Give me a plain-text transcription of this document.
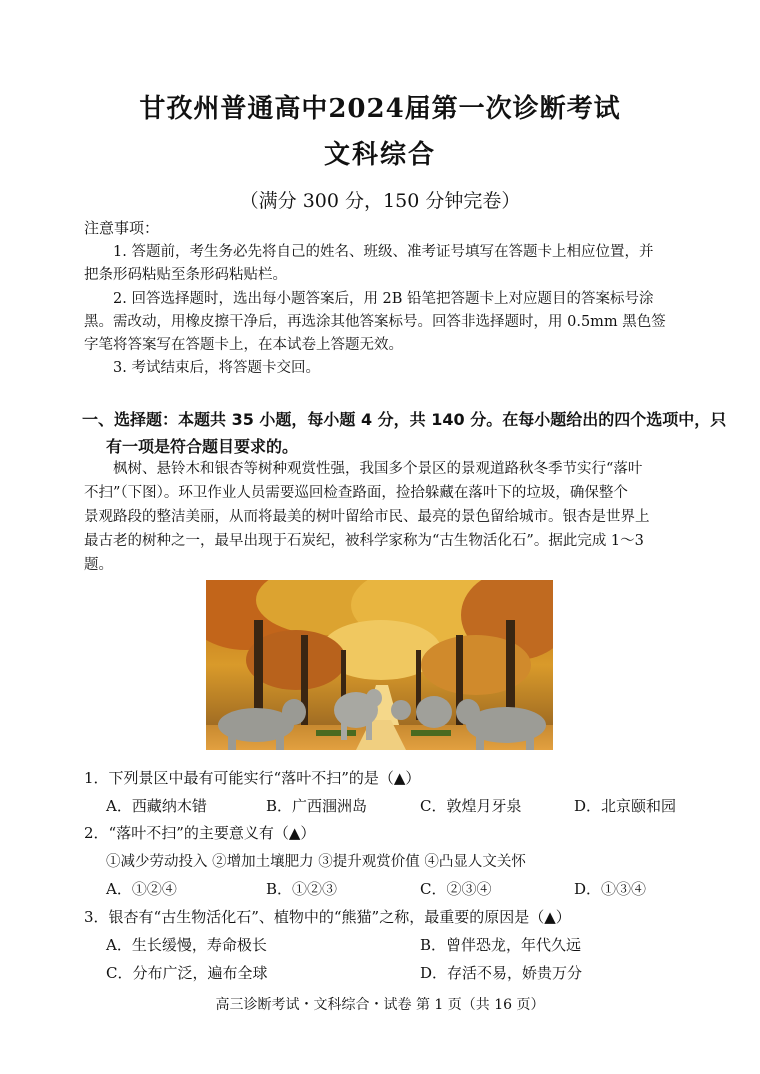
甘孜州普通高中2024届第一次诊断考试
文科综合
（满分 300 分，150 分钟完卷）
注意事项：
1. 答题前，考生务必先将自己的姓名、班级、准考证号填写在答题卡上相应位置，并
把条形码粘贴至条形码粘贴栏。
2. 回答选择题时，选出每小题答案后，用 2B 铅笔把答题卡上对应题目的答案标号涂
黑。需改动，用橡皮擦干净后，再选涂其他答案标号。回答非选择题时，用 0.5mm 黑色签
字笔将答案写在答题卡上，在本试卷上答题无效。
3. 考试结束后，将答题卡交回。
一、选择题：本题共 35 小题，每小题 4 分，共 140 分。在每小题给出的四个选项中，只
有一项是符合题目要求的。
枫树、悬铃木和银杏等树种观赏性强，我国多个景区的景观道路秋冬季节实行“落叶
不扫”（下图）。环卫作业人员需要巡回检查路面，捡拾躲藏在落叶下的垃圾，确保整个
景观路段的整洁美丽，从而将最美的树叶留给市民、最亮的景色留给城市。银杏是世界上
最古老的树种之一，最早出现于石炭纪，被科学家称为“古生物活化石”。据此完成 1～3
题。
1．下列景区中最有可能实行“落叶不扫”的是（▲）
A．西藏纳木错	B．广西涠洲岛	C．敦煌月牙泉	D．北京颐和园
2．“落叶不扫”的主要意义有（▲）
①减少劳动投入 ②增加土壤肥力 ③提升观赏价值 ④凸显人文关怀
A．①②④	B．①②③	C．②③④	D．①③④
3．银杏有“古生物活化石”、植物中的“熊猫”之称，最重要的原因是（▲）
A．生长缓慢，寿命极长	B．曾伴恐龙，年代久远
C．分布广泛，遍布全球	D．存活不易，娇贵万分
高三诊断考试・文科综合・试卷 第 1 页（共 16 页）
